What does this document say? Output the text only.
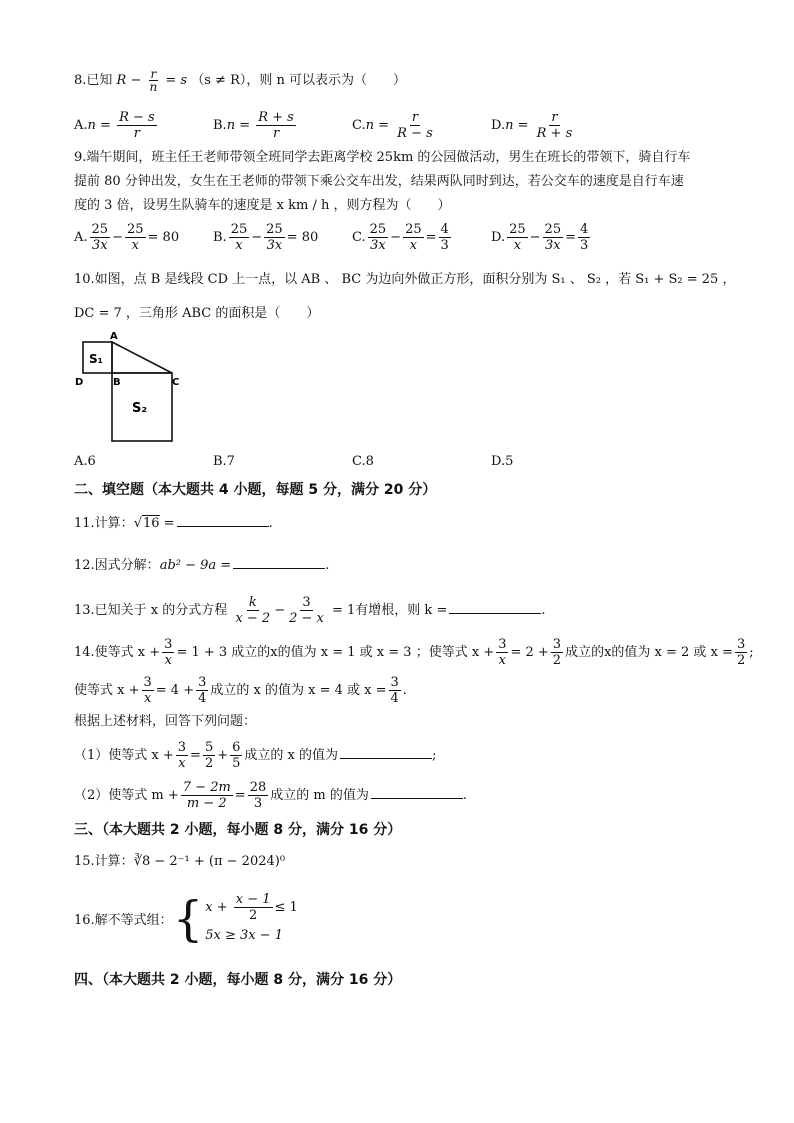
8.已知 $R - \frac{r}{n} = s$ （s ≠ R），则 n 可以表示为（　　）
$A.n = \frac{R - s}{r}$	$B.n = \frac{R + s}{r}$	$C.n = \frac{r}{R - s}$	$D.n = \frac{r}{R + s}$
9.端午期间，班主任王老师带领全班同学去距离学校 25km 的公园做活动，男生在班长的带领下，骑自行车
提前 80 分钟出发，女生在王老师的带领下乘公交车出发，结果两队同时到达，若公交车的速度是自行车速
度的 3 倍，设男生队骑车的速度是 x km / h ，则方程为（　　）
A. $\frac{25}{3x} - \frac{25}{x} = 80$	B. $\frac{25}{x} - \frac{25}{3x} = 80$	C. $\frac{25}{3x} - \frac{25}{x} = \frac{4}{3}$	D. $\frac{25}{x} - \frac{25}{3x} = \frac{4}{3}$
10.如图，点 B 是线段 CD 上一点，以 AB 、 BC 为边向外做正方形，面积分别为 S₁ 、 S₂ ，若 S₁ + S₂ = 25 ，
DC = 7 ，三角形 ABC 的面积是（　　）
A
D	B	C
S₁
S₂
A.6	B.7	C.8	D.5
二、填空题（本大题共 4 小题，每题 5 分，满分 20 分）
11.计算：√16 =	.
12.因式分解：ab² − 9a =	.
13.已知关于 x 的分式方程 $\frac{k}{x - 2} - \frac{3}{2 - x} = 1$有增根，则 k =	.
14.使等式 $x + \frac{3}{x} = 1 + 3$ 成立的x的值为 x = 1 或 x = 3 ；使等式 $x + \frac{3}{x} = 2 + \frac{3}{2}$ 成立的x的值为 x = 2 或 $x = \frac{3}{2}$ ;
使等式 $x + \frac{3}{x} = 4 + \frac{3}{4}$ 成立的 x 的值为 x = 4 或 $x = \frac{3}{4}$ .
根据上述材料，回答下列问题：
（1）使等式 $x + \frac{3}{x} = \frac{5}{2} + \frac{6}{5}$ 成立的 x 的值为	;
（2）使等式 $m + \frac{7 - 2m}{m - 2} = \frac{28}{3}$ 成立的 m 的值为	.
三、（本大题共 2 小题，每小题 8 分，满分 16 分）
15.计算：∛8 − 2⁻¹ + (π − 2024)⁰
16.解不等式组：{ $x + \frac{x - 1}{2} \le 1$
5x ≥ 3x − 1
四、（本大题共 2 小题，每小题 8 分，满分 16 分）
